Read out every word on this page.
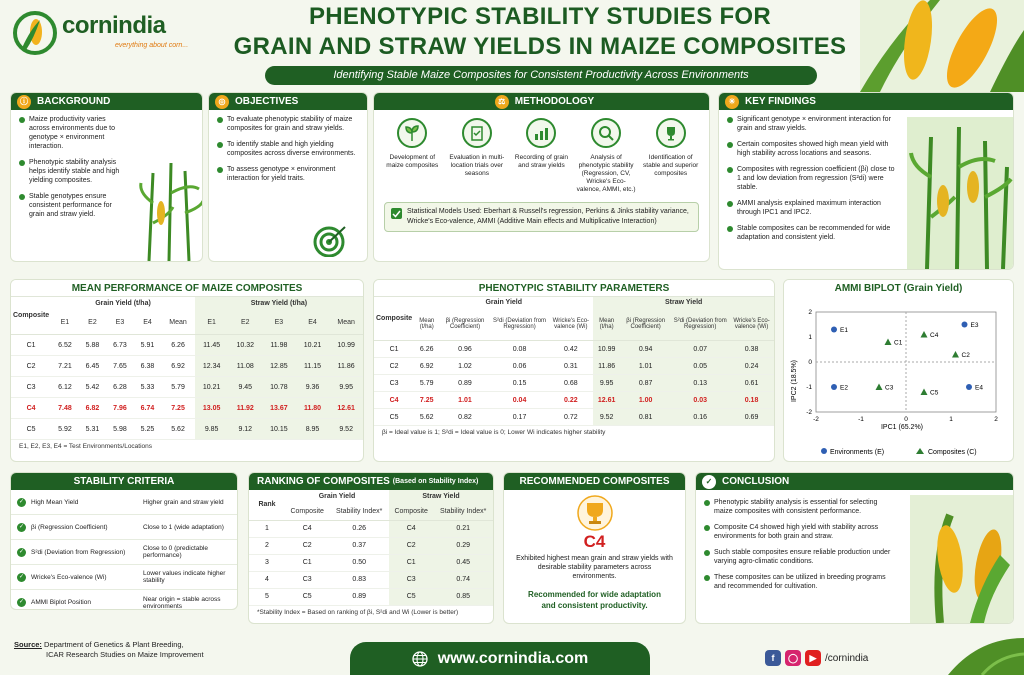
cornindia
everything about corn...
PHENOTYPIC STABILITY STUDIES FOR
GRAIN AND STRAW YIELDS IN MAIZE COMPOSITES
Identifying Stable Maize Composites for Consistent Productivity Across Environments
ⓘ BACKGROUND
Maize productivity varies across environments due to genotype × environment interaction.
Phenotypic stability analysis helps identify stable and high yielding composites.
Stable genotypes ensure consistent performance for grain and straw yield.
◎ OBJECTIVES
To evaluate phenotypic stability of maize composites for grain and straw yields.
To identify stable and high yielding composites across diverse environments.
To assess genotype × environment interaction for yield traits.
⚖ METHODOLOGY
Development of maize composites
Evaluation in multi-location trials over seasons
Recording of grain and straw yields
Analysis of phenotypic stability (Regression, CV, Wricke's Eco-valence, AMMI, etc.)
Identification of stable and superior composites
Statistical Models Used: Eberhart & Russell's regression, Perkins & Jinks stability variance, Wricke's Eco-valence, AMMI (Additive Main effects and Multiplicative Interaction)
☀ KEY FINDINGS
Significant genotype × environment interaction for grain and straw yields.
Certain composites showed high mean yield with high stability across locations and seasons.
Composites with regression coefficient (βi) close to 1 and low deviation from regression (S²di) were stable.
AMMI analysis explained maximum interaction through IPC1 and IPC2.
Stable composites can be recommended for wide adaptation and consistent yield.
MEAN PERFORMANCE OF MAIZE COMPOSITES
Composite	Grain Yield (t/ha)					Straw Yield (t/ha)				
	E1	E2	E3	E4	Mean	E1	E2	E3	E4	Mean
C1	6.52	5.88	6.73	5.91	6.26	11.45	10.32	11.98	10.21	10.99
C2	7.21	6.45	7.65	6.38	6.92	12.34	11.08	12.85	11.15	11.86
C3	6.12	5.42	6.28	5.33	5.79	10.21	9.45	10.78	9.36	9.95
C4	7.48	6.82	7.96	6.74	7.25	13.05	11.92	13.67	11.80	12.61
C5	5.92	5.31	5.98	5.25	5.62	9.85	9.12	10.15	8.95	9.52
E1, E2, E3, E4 = Test Environments/Locations
PHENOTYPIC STABILITY PARAMETERS
Composite	Grain Yield				Straw Yield			
	Mean (t/ha)	βi (Regression Coefficient)	S²di (Deviation from Regression)	Wricke's Eco-valence (Wi)	Mean (t/ha)	βi (Regression Coefficient)	S²di (Deviation from Regression)	Wricke's Eco-valence (Wi)
C1	6.26	0.96	0.08	0.42	10.99	0.94	0.07	0.38
C2	6.92	1.02	0.06	0.31	11.86	1.01	0.05	0.24
C3	5.79	0.89	0.15	0.68	9.95	0.87	0.13	0.61
C4	7.25	1.01	0.04	0.22	12.61	1.00	0.03	0.18
C5	5.62	0.82	0.17	0.72	9.52	0.81	0.16	0.69
βi = Ideal value is 1; S²di = Ideal value is 0; Lower Wi indicates higher stability
AMMI BIPLOT (Grain Yield)
IPC2 (18.5%)
IPC1 (65.2%)
Environments (E)	Composites (C)
-2	-1	0	1	2
2
1
0
-1
-2
E1
E2
E3
E4
C1
C2
C3
C4
C5
STABILITY CRITERIA
✓	High Mean Yield	Higher grain and straw yield
✓	βi (Regression Coefficient)	Close to 1 (wide adaptation)
✓	S²di (Deviation from Regression)	Close to 0 (predictable performance)
✓	Wricke's Eco-valence (Wi)	Lower values indicate higher stability
✓	AMMI Biplot Position	Near origin = stable across environments
RANKING OF COMPOSITES (Based on Stability Index)
Rank	Grain Yield		Straw Yield	
	Composite	Stability Index*	Composite	Stability Index*
1	C4	0.26	C4	0.21
2	C2	0.37	C2	0.29
3	C1	0.50	C1	0.45
4	C3	0.83	C3	0.74
5	C5	0.89	C5	0.85
*Stability Index = Based on ranking of βi, S²di and Wi (Lower is better)
RECOMMENDED COMPOSITES
C4
Exhibited highest mean grain and straw yields with desirable stability parameters across environments.
Recommended for wide adaptation and consistent productivity.
✓ CONCLUSION
Phenotypic stability analysis is essential for selecting maize composites with consistent performance.
Composite C4 showed high yield with stability across environments for both grain and straw.
Such stable composites ensure reliable production under varying agro-climatic conditions.
These composites can be utilized in breeding programs and recommended for cultivation.
Source: Department of Genetics & Plant Breeding,
ICAR Research Studies on Maize Improvement	www.cornindia.com	f	◯	▶ /cornindia
